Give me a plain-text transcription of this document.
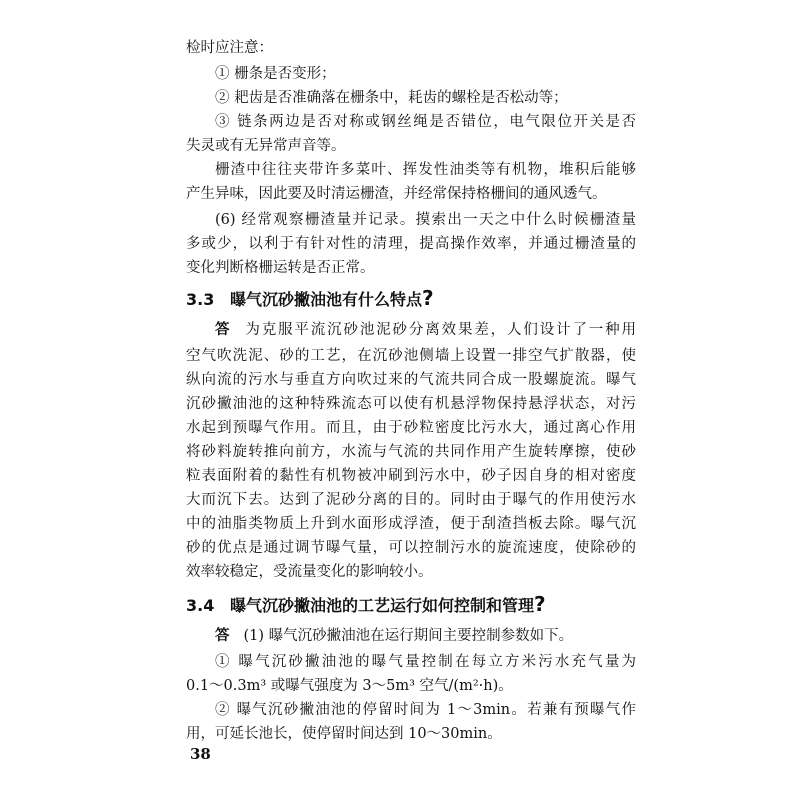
检时应注意：
① 栅条是否变形；
② 耙齿是否准确落在栅条中，耗齿的螺栓是否松动等；
③ 链条两边是否对称或钢丝绳是否错位，电气限位开关是否
失灵或有无异常声音等。
栅渣中往往夹带许多菜叶、挥发性油类等有机物，堆积后能够
产生异味，因此要及时清运栅渣，并经常保持格栅间的通风透气。
(6) 经常观察栅渣量并记录。摸索出一天之中什么时候栅渣量
多或少，以利于有针对性的清理，提高操作效率，并通过栅渣量的
变化判断格栅运转是否正常。
3.3 曝气沉砂撇油池有什么特点?
答 为克服平流沉砂池泥砂分离效果差，人们设计了一种用
空气吹洗泥、砂的工艺，在沉砂池侧墙上设置一排空气扩散器，使
纵向流的污水与垂直方向吹过来的气流共同合成一股螺旋流。曝气
沉砂撇油池的这种特殊流态可以使有机悬浮物保持悬浮状态，对污
水起到预曝气作用。而且，由于砂粒密度比污水大，通过离心作用
将砂料旋转推向前方，水流与气流的共同作用产生旋转摩擦，使砂
粒表面附着的黏性有机物被冲刷到污水中，砂子因自身的相对密度
大而沉下去。达到了泥砂分离的目的。同时由于曝气的作用使污水
中的油脂类物质上升到水面形成浮渣，便于刮渣挡板去除。曝气沉
砂的优点是通过调节曝气量，可以控制污水的旋流速度，使除砂的
效率较稳定，受流量变化的影响较小。
3.4 曝气沉砂撇油池的工艺运行如何控制和管理?
答 (1) 曝气沉砂撇油池在运行期间主要控制参数如下。
① 曝气沉砂撇油池的曝气量控制在每立方米污水充气量为
0.1～0.3m³ 或曝气强度为 3～5m³ 空气/(m²·h)。
② 曝气沉砂撇油池的停留时间为 1～3min。若兼有预曝气作
用，可延长池长，使停留时间达到 10～30min。
38
